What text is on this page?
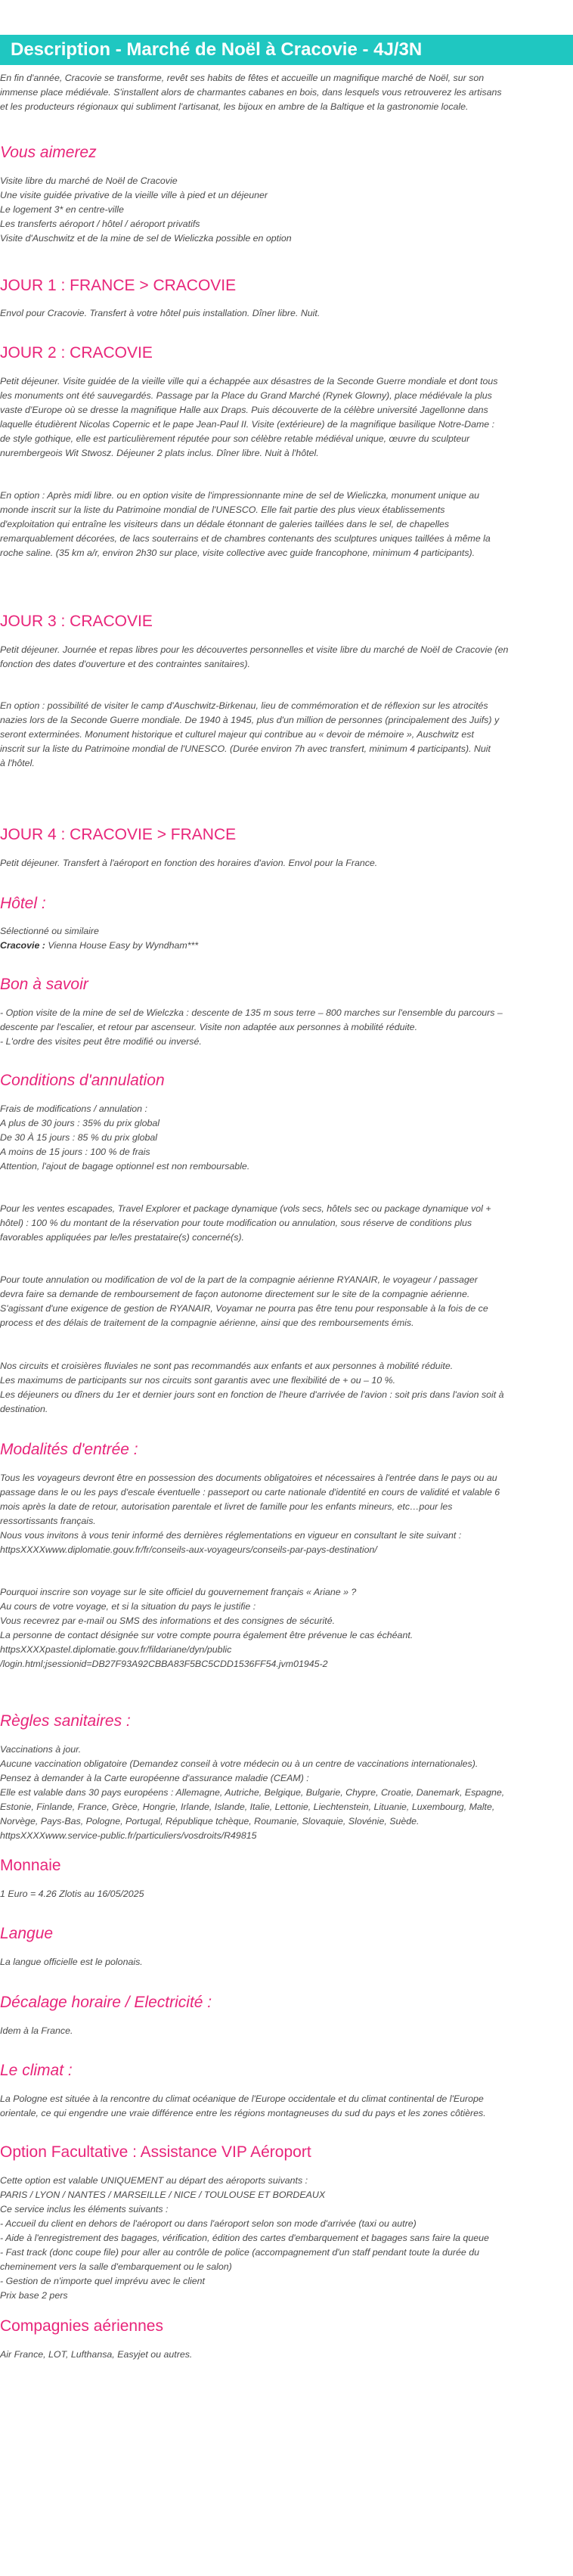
Description - Marché de Noël à Cracovie - 4J/3N
En fin d'année, Cracovie se transforme, revêt ses habits de fêtes et accueille un magnifique marché de Noël, sur son
immense place médiévale. S'installent alors de charmantes cabanes en bois, dans lesquels vous retrouverez les artisans
et les producteurs régionaux qui subliment l'artisanat, les bijoux en ambre de la Baltique et la gastronomie locale.
Vous aimerez
Visite libre du marché de Noël de Cracovie
Une visite guidée privative de la vieille ville à pied et un déjeuner
Le logement 3* en centre-ville
Les transferts aéroport / hôtel / aéroport privatifs
Visite d'Auschwitz et de la mine de sel de Wieliczka possible en option
JOUR 1 : FRANCE > CRACOVIE
Envol pour Cracovie. Transfert à votre hôtel puis installation. Dîner libre. Nuit.
JOUR 2 : CRACOVIE
Petit déjeuner. Visite guidée de la vieille ville qui a échappée aux désastres de la Seconde Guerre mondiale et dont tous
les monuments ont été sauvegardés. Passage par la Place du Grand Marché (Rynek Glowny), place médiévale la plus
vaste d'Europe où se dresse la magnifique Halle aux Draps. Puis découverte de la célèbre université Jagellonne dans
laquelle étudièrent Nicolas Copernic et le pape Jean-Paul II. Visite (extérieure) de la magnifique basilique Notre-Dame :
de style gothique, elle est particulièrement réputée pour son célèbre retable médiéval unique, œuvre du sculpteur
nurembergeois Wit Stwosz. Déjeuner 2 plats inclus. Dîner libre. Nuit à l'hôtel.
En option : Après midi libre. ou en option visite de l'impressionnante mine de sel de Wieliczka, monument unique au
monde inscrit sur la liste du Patrimoine mondial de l'UNESCO. Elle fait partie des plus vieux établissements
d'exploitation qui entraîne les visiteurs dans un dédale étonnant de galeries taillées dans le sel, de chapelles
remarquablement décorées, de lacs souterrains et de chambres contenants des sculptures uniques taillées à même la
roche saline. (35 km a/r, environ 2h30 sur place, visite collective avec guide francophone, minimum 4 participants).
JOUR 3 : CRACOVIE
Petit déjeuner. Journée et repas libres pour les découvertes personnelles et visite libre du marché de Noël de Cracovie (en
fonction des dates d'ouverture et des contraintes sanitaires).
En option : possibilité de visiter le camp d'Auschwitz-Birkenau, lieu de commémoration et de réflexion sur les atrocités
nazies lors de la Seconde Guerre mondiale. De 1940 à 1945, plus d'un million de personnes (principalement des Juifs) y
seront exterminées. Monument historique et culturel majeur qui contribue au « devoir de mémoire », Auschwitz est
inscrit sur la liste du Patrimoine mondial de l'UNESCO. (Durée environ 7h avec transfert, minimum 4 participants). Nuit
à l'hôtel.
JOUR 4 : CRACOVIE > FRANCE
Petit déjeuner. Transfert à l'aéroport en fonction des horaires d'avion. Envol pour la France.
Hôtel :
Sélectionné ou similaire
Cracovie : Vienna House Easy by Wyndham***
Bon à savoir
- Option visite de la mine de sel de Wielczka : descente de 135 m sous terre – 800 marches sur l'ensemble du parcours –
descente par l'escalier, et retour par ascenseur. Visite non adaptée aux personnes à mobilité réduite.
- L'ordre des visites peut être modifié ou inversé.
Conditions d'annulation
Frais de modifications / annulation :
A plus de 30 jours : 35% du prix global
De 30 À 15 jours : 85 % du prix global
A moins de 15 jours : 100 % de frais
Attention, l'ajout de bagage optionnel est non remboursable.
Pour les ventes escapades, Travel Explorer et package dynamique (vols secs, hôtels sec ou package dynamique vol +
hôtel) : 100 % du montant de la réservation pour toute modification ou annulation, sous réserve de conditions plus
favorables appliquées par le/les prestataire(s) concerné(s).
Pour toute annulation ou modification de vol de la part de la compagnie aérienne RYANAIR, le voyageur / passager
devra faire sa demande de remboursement de façon autonome directement sur le site de la compagnie aérienne.
S'agissant d'une exigence de gestion de RYANAIR, Voyamar ne pourra pas être tenu pour responsable à la fois de ce
process et des délais de traitement de la compagnie aérienne, ainsi que des remboursements émis.
Nos circuits et croisières fluviales ne sont pas recommandés aux enfants et aux personnes à mobilité réduite.
Les maximums de participants sur nos circuits sont garantis avec une flexibilité de + ou – 10 %.
Les déjeuners ou dîners du 1er et dernier jours sont en fonction de l'heure d'arrivée de l'avion : soit pris dans l'avion soit à
destination.
Modalités d'entrée :
Tous les voyageurs devront être en possession des documents obligatoires et nécessaires à l'entrée dans le pays ou au
passage dans le ou les pays d'escale éventuelle : passeport ou carte nationale d'identité en cours de validité et valable 6
mois après la date de retour, autorisation parentale et livret de famille pour les enfants mineurs, etc…pour les
ressortissants français.
Nous vous invitons à vous tenir informé des dernières réglementations en vigueur en consultant le site suivant :
httpsXXXXwww.diplomatie.gouv.fr/fr/conseils-aux-voyageurs/conseils-par-pays-destination/
Pourquoi inscrire son voyage sur le site officiel du gouvernement français « Ariane » ?
Au cours de votre voyage, et si la situation du pays le justifie :
Vous recevrez par e-mail ou SMS des informations et des consignes de sécurité.
La personne de contact désignée sur votre compte pourra également être prévenue le cas échéant.
httpsXXXXpastel.diplomatie.gouv.fr/fildariane/dyn/public
/login.html;jsessionid=DB27F93A92CBBA83F5BC5CDD1536FF54.jvm01945-2
Règles sanitaires :
Vaccinations à jour.
Aucune vaccination obligatoire (Demandez conseil à votre médecin ou à un centre de vaccinations internationales).
Pensez à demander à la Carte européenne d'assurance maladie (CEAM) :
Elle est valable dans 30 pays européens : Allemagne, Autriche, Belgique, Bulgarie, Chypre, Croatie, Danemark, Espagne,
Estonie, Finlande, France, Grèce, Hongrie, Irlande, Islande, Italie, Lettonie, Liechtenstein, Lituanie, Luxembourg, Malte,
Norvège, Pays-Bas, Pologne, Portugal, République tchèque, Roumanie, Slovaquie, Slovénie, Suède.
httpsXXXXwww.service-public.fr/particuliers/vosdroits/R49815
Monnaie
1 Euro = 4.26 Zlotis au 16/05/2025
Langue
La langue officielle est le polonais.
Décalage horaire / Electricité :
Idem à la France.
Le climat :
La Pologne est située à la rencontre du climat océanique de l'Europe occidentale et du climat continental de l'Europe
orientale, ce qui engendre une vraie différence entre les régions montagneuses du sud du pays et les zones côtières.
Option Facultative : Assistance VIP Aéroport
Cette option est valable UNIQUEMENT au départ des aéroports suivants :
PARIS / LYON / NANTES / MARSEILLE / NICE / TOULOUSE ET BORDEAUX
Ce service inclus les éléments suivants :
- Accueil du client en dehors de l'aéroport ou dans l'aéroport selon son mode d'arrivée (taxi ou autre)
- Aide à l'enregistrement des bagages, vérification, édition des cartes d'embarquement et bagages sans faire la queue
- Fast track (donc coupe file) pour aller au contrôle de police (accompagnement d'un staff pendant toute la durée du
cheminement vers la salle d'embarquement ou le salon)
- Gestion de n'importe quel imprévu avec le client
Prix base 2 pers
Compagnies aériennes
Air France, LOT, Lufthansa, Easyjet ou autres.
